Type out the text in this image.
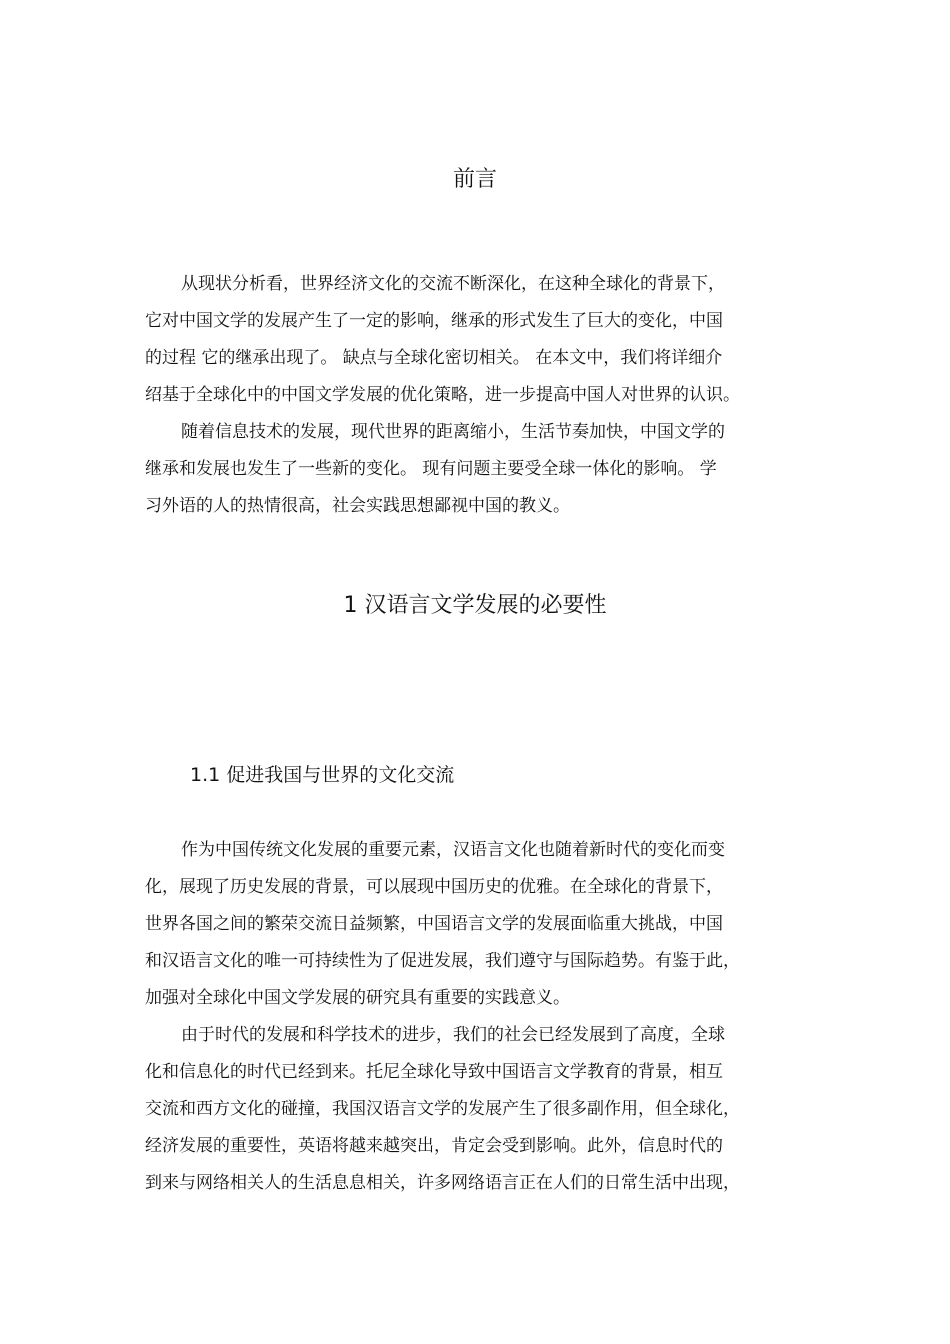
前言
从现状分析看，世界经济文化的交流不断深化，在这种全球化的背景下，
它对中国文学的发展产生了一定的影响，继承的形式发生了巨大的变化，中国
的过程 它的继承出现了。 缺点与全球化密切相关。 在本文中，我们将详细介
绍基于全球化中的中国文学发展的优化策略，进一步提高中国人对世界的认识。
随着信息技术的发展，现代世界的距离缩小，生活节奏加快，中国文学的
继承和发展也发生了一些新的变化。 现有问题主要受全球一体化的影响。 学
习外语的人的热情很高，社会实践思想鄙视中国的教义。
1 汉语言文学发展的必要性
1.1 促进我国与世界的文化交流
作为中国传统文化发展的重要元素，汉语言文化也随着新时代的变化而变
化，展现了历史发展的背景，可以展现中国历史的优雅。在全球化的背景下，
世界各国之间的繁荣交流日益频繁，中国语言文学的发展面临重大挑战，中国
和汉语言文化的唯一可持续性为了促进发展，我们遵守与国际趋势。有鉴于此，
加强对全球化中国文学发展的研究具有重要的实践意义。
由于时代的发展和科学技术的进步，我们的社会已经发展到了高度，全球
化和信息化的时代已经到来。托尼全球化导致中国语言文学教育的背景，相互
交流和西方文化的碰撞，我国汉语言文学的发展产生了很多副作用，但全球化，
经济发展的重要性，英语将越来越突出，肯定会受到影响。此外，信息时代的
到来与网络相关人的生活息息相关，许多网络语言正在人们的日常生活中出现，
